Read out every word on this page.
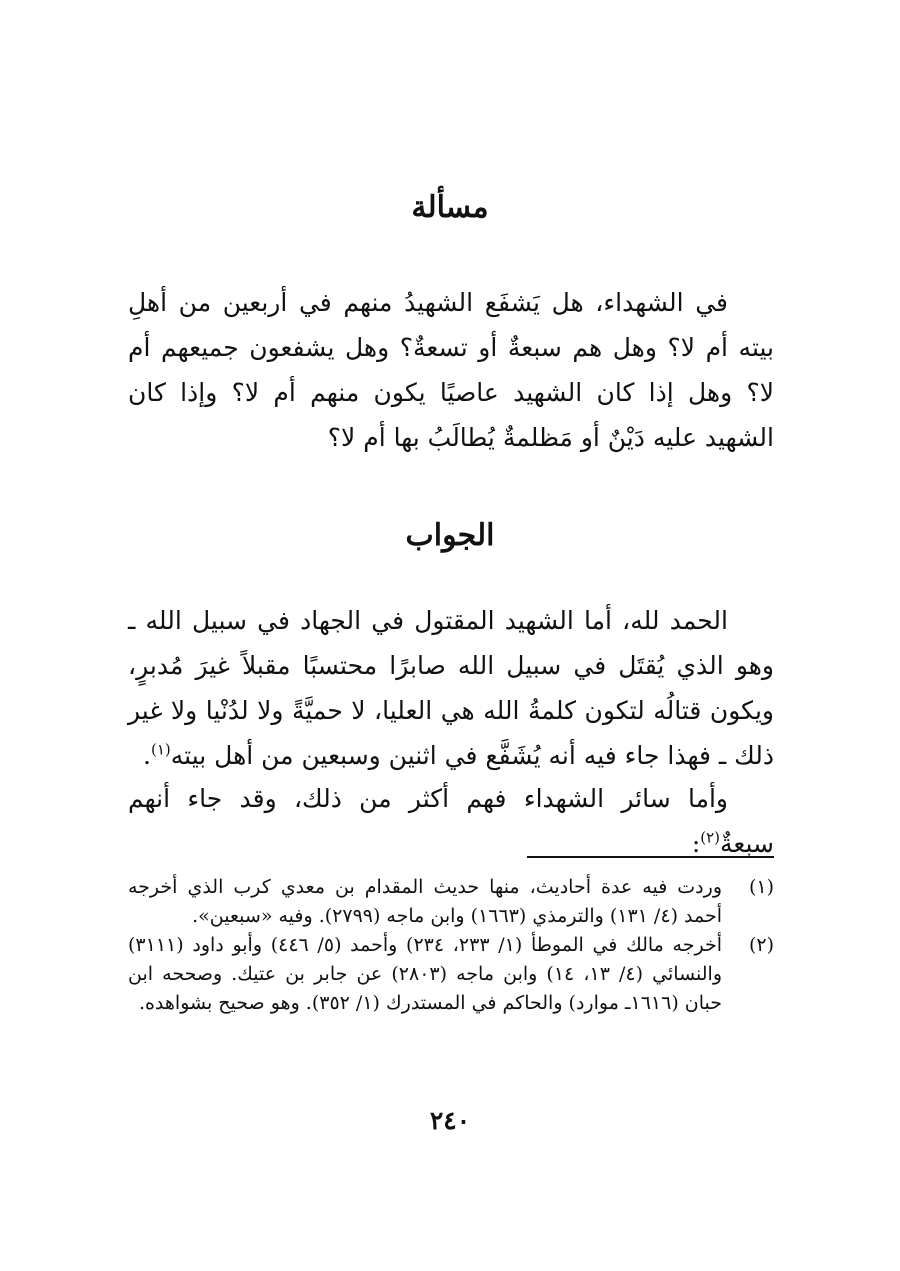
مسألة

في الشهداء، هل يَشفَع الشهيدُ منهم في أربعين من أهلِ بيته أم لا؟ وهل هم سبعةٌ أو تسعةٌ؟ وهل يشفعون جميعهم أم لا؟ وهل إذا كان الشهيد عاصيًا يكون منهم أم لا؟ وإذا كان الشهيد عليه دَيْنٌ أو مَظلمةٌ يُطالَبُ بها أم لا؟

الجواب

الحمد لله، أما الشهيد المقتول في الجهاد في سبيل الله ـ وهو الذي يُقتَل في سبيل الله صابرًا محتسبًا مقبلاً غيرَ مُدبرٍ، ويكون قتالُه لتكون كلمةُ الله هي العليا، لا حميَّةً ولا لدُنْيا ولا غير ذلك ـ فهذا جاء فيه أنه يُشَفَّع في اثنين وسبعين من أهل بيته$^{(١)}$.

وأما سائر الشهداء فهم أكثر من ذلك، وقد جاء أنهم سبعةٌ$^{(٢)}$:

(١)
وردت فيه عدة أحاديث، منها حديث المقدام بن معدي كرب الذي أخرجه أحمد (٤/ ١٣١) والترمذي (١٦٦٣) وابن ماجه (٢٧٩٩). وفيه «سبعين».
(٢)
أخرجه مالك في الموطأ (١/ ٢٣٣، ٢٣٤) وأحمد (٥/ ٤٤٦) وأبو داود (٣١١١) والنسائي (٤/ ١٣، ١٤) وابن ماجه (٢٨٠٣) عن جابر بن عتيك. وصححه ابن حبان (١٦١٦ـ موارد) والحاكم في المستدرك (١/ ٣٥٢). وهو صحيح بشواهده.
٢٤٠
